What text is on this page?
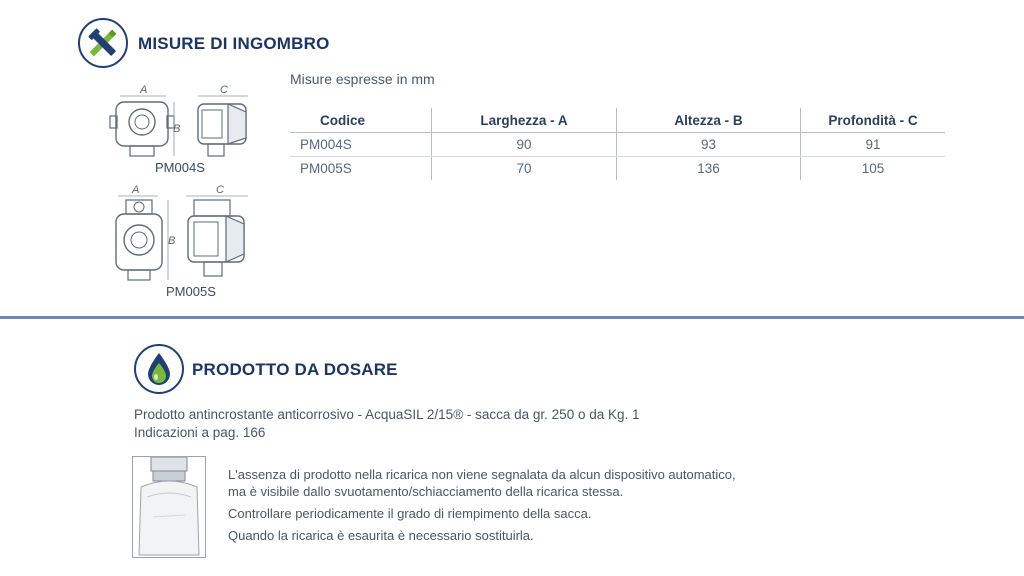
MISURE DI INGOMBRO
Misure espresse in mm
A
B
C
PM004S
A
B
C
PM005S
Codice	Larghezza - A	Altezza - B	Profondità - C
PM004S	90	93	91
PM005S	70	136	105
PRODOTTO DA DOSARE
Prodotto antincrostante anticorrosivo - AcquaSIL 2/15® - sacca da gr. 250 o da Kg. 1
Indicazioni a pag. 166
L'assenza di prodotto nella ricarica non viene segnalata da alcun dispositivo automatico,
ma è visibile dallo svuotamento/schiacciamento della ricarica stessa.
Controllare periodicamente il grado di riempimento della sacca.
Quando la ricarica è esaurita è necessario sostituirla.
